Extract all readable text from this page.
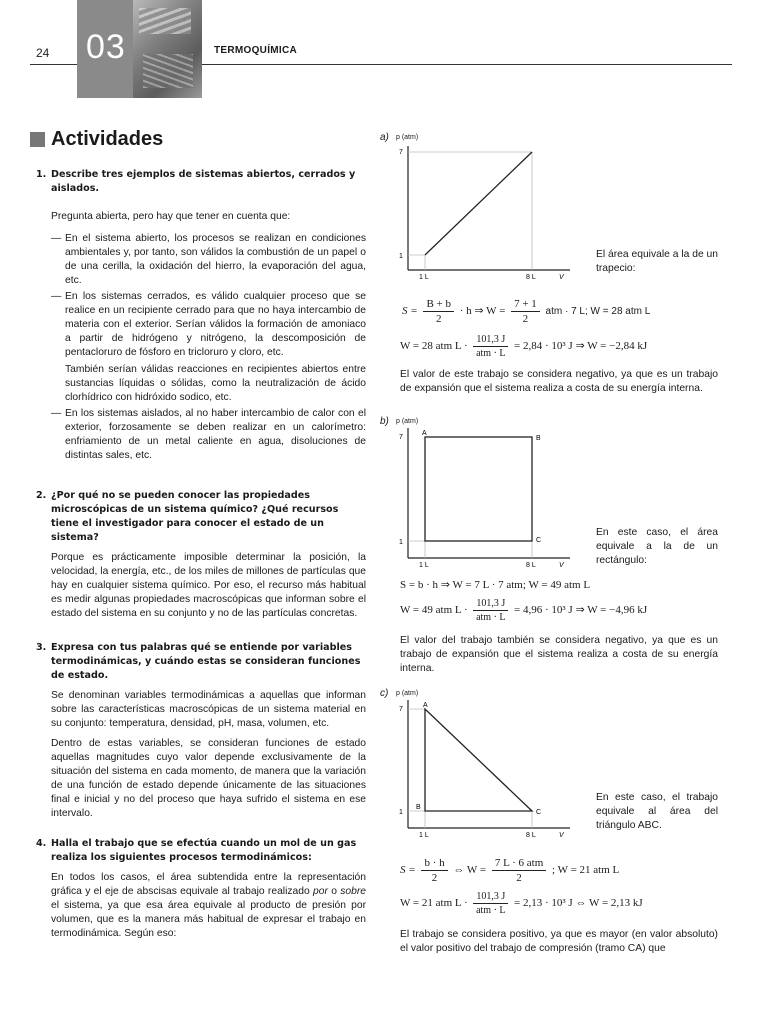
24 03	TERMOQUÍMICA
Actividades
1. Describe tres ejemplos de sistemas abiertos, cerrados y aislados.
Pregunta abierta, pero hay que tener en cuenta que:
— En el sistema abierto, los procesos se realizan en condiciones ambientales y, por tanto, son válidos la combustión de un papel o de una cerilla, la oxidación del hierro, la evaporación del agua, etc.
— En los sistemas cerrados, es válido cualquier proceso que se realice en un recipiente cerrado para que no haya intercambio de materia con el exterior. Serían válidos la formación de amoniaco a partir de hidrógeno y nitrógeno, la descomposición de pentacloruro de fósforo en tricloruro y cloro, etc.
También serían válidas reacciones en recipientes abiertos entre sustancias líquidas o sólidas, como la neutralización de ácido clorhídrico con hidróxido sodico, etc.
— En los sistemas aislados, al no haber intercambio de calor con el exterior, forzosamente se deben realizar en un calorímetro: enfriamiento de un metal caliente en agua, disoluciones de distintas sales, etc.
2. ¿Por qué no se pueden conocer las propiedades microscópicas de un sistema químico? ¿Qué recursos tiene el investigador para conocer el estado de un sistema?
Porque es prácticamente imposible determinar la posición, la velocidad, la energía, etc., de los miles de millones de partículas que hay en cualquier sistema químico. Por eso, el recurso más habitual es medir algunas propiedades macroscópicas que informan sobre el estado del sistema en su conjunto y no de las partículas concretas.
3. Expresa con tus palabras qué se entiende por variables termodinámicas, y cuándo estas se consideran funciones de estado.
Se denominan variables termodinámicas a aquellas que informan sobre las características macroscópicas de un sistema material en su conjunto: temperatura, densidad, pH, masa, volumen, etc.
Dentro de estas variables, se consideran funciones de estado aquellas magnitudes cuyo valor depende exclusivamente de la situación del sistema en cada momento, de manera que la variación de una función de estado depende únicamente de las situaciones final e inicial y no del proceso que haya sufrido el sistema en ese intervalo.
4. Halla el trabajo que se efectúa cuando un mol de un gas realiza los siguientes procesos termodinámicos:
En todos los casos, el área subtendida entre la representación gráfica y el eje de abscisas equivale al trabajo realizado por o sobre el sistema, ya que esa área equivale al producto de presión por volumen, que es la manera más habitual de expresar el trabajo en termodinámica. Según eso:
a) p (atm)
7
1
1 L	8 L	V
El área equivale a la de un trapecio:
$S = \frac{B + b}{2} \cdot h$ ⇒ $W = \frac{7 + 1}{2}$ atm · 7 L; W = 28 atm L
W = 28 atm $L \cdot \frac{101,3 J}{\text{atm · L}} = 2,84 \cdot 10^3$ J ⇒ W = −2,84 kJ
El valor de este trabajo se considera negativo, ya que es un trabajo de expansión que el sistema realiza a costa de su energía interna.
b) p (atm)
7
1
A
B
C
1 L	8 L	V
En este caso, el área equivale a la de un rectángulo:
S = b · h ⇒ W = 7 L · 7 atm; W = 49 atm L
W = 49 atm $L \cdot \frac{101,3 J}{\text{atm · L}} = 4,96 \cdot 10^3$ J ⇒ W = −4,96 kJ
El valor del trabajo también se considera negativo, ya que es un trabajo de expansión que el sistema realiza a costa de su energía interna.
c) p (atm)
7
1
A
B
C
1 L	8 L	V
En este caso, el trabajo equivale al área del triángulo ABC.
$S = \frac{b \cdot h}{2}$ ⇔ $W = \frac{\text{7 L · 6 atm}}{2}$ ; W = 21 atm L
W = 21 atm $L \cdot \frac{101,3 J}{\text{atm · L}} = 2,13 \cdot 10^3$ J ⇔ W = 2,13 kJ
El trabajo se considera positivo, ya que es mayor (en valor absoluto) el valor positivo del trabajo de compresión (tramo CA) que
